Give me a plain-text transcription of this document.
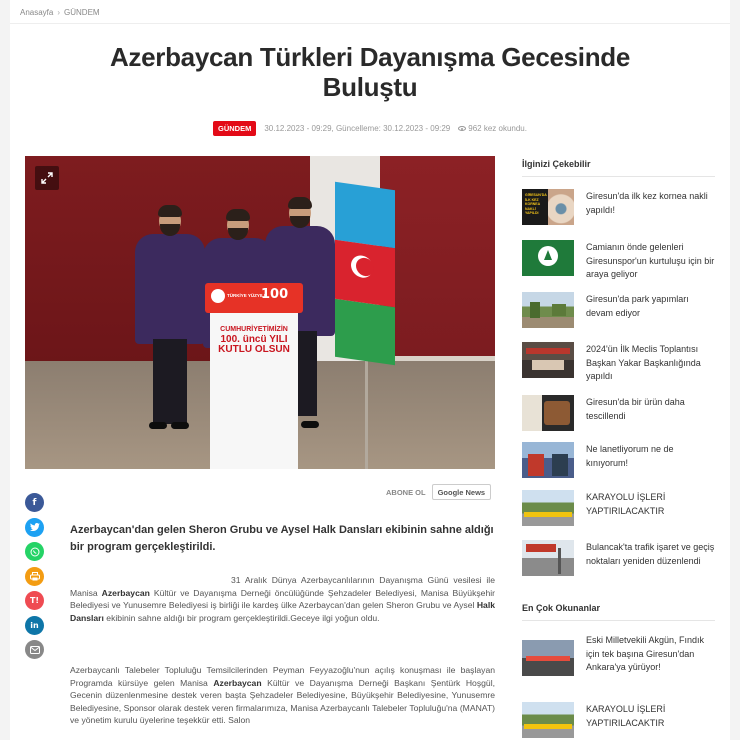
Anasayfa › GÜNDEM
Azerbaycan Türkleri Dayanışma Gecesinde
Buluştu
GÜNDEM	30.12.2023 - 09:29, Güncelleme: 30.12.2023 - 09:29 962 kez okundu.
TÜRKİYE YÜZYILI
100
CUMHURİYETİMİZİN
100. üncü YILI
KUTLU OLSUN
f
T!
in
ABONE OL Google News

Azerbaycan'dan gelen Sheron Grubu ve Aysel Halk Dansları ekibinin sahne aldığı bir program gerçekleştirildi.

31 Aralık Dünya Azerbaycanlılarının Dayanışma Günü vesilesi ile Manisa Azerbaycan Kültür ve Dayanışma Derneği öncülüğünde Şehzadeler Belediyesi, Manisa Büyükşehir Belediyesi ve Yunusemre Belediyesi iş birliği ile kardeş ülke Azerbaycan'dan gelen Sheron Grubu ve Aysel Halk Dansları ekibinin sahne aldığı bir program gerçekleştirildi.Geceye ilgi yoğun oldu.

Azerbaycanlı Talebeler Topluluğu Temsilcilerinden Peyman Feyyazoğlu'nun açılış konuşması ile başlayan Programda kürsüye gelen Manisa Azerbaycan Kültür ve Dayanışma Derneği Başkanı Şentürk Hoşgül, Gecenin düzenlenmesine destek veren başta Şehzadeler Belediyesine, Büyükşehir Belediyesine, Yunusemre Belediyesine, Sponsor olarak destek veren firmalarımıza, Manisa Azerbaycanlı Talebeler Topluluğu'na (MANAT) ve yönetim kurulu üyelerine teşekkür etti. Salon

İlginizi Çekebilir
GİRESUN'DA İLK KEZ KORNEA NAKLİ YAPILDI
Giresun'da ilk kez kornea nakli yapıldı!
Camianın önde gelenleri Giresunspor'un kurtuluşu için bir araya geliyor
Giresun'da park yapımları devam ediyor
2024'ün İlk Meclis Toplantısı Başkan Yakar Başkanlığında yapıldı
Giresun'da bir ürün daha tescillendi
Ne lanetliyorum ne de kınıyorum!
KARAYOLU İŞLERİ YAPTIRILACAKTIR
Bulancak'ta trafik işaret ve geçiş noktaları yeniden düzenlendi
En Çok Okunanlar
Eski Milletvekili Akgün, Fındık için tek başına Giresun'dan Ankara'ya yürüyor!
KARAYOLU İŞLERİ YAPTIRILACAKTIR
